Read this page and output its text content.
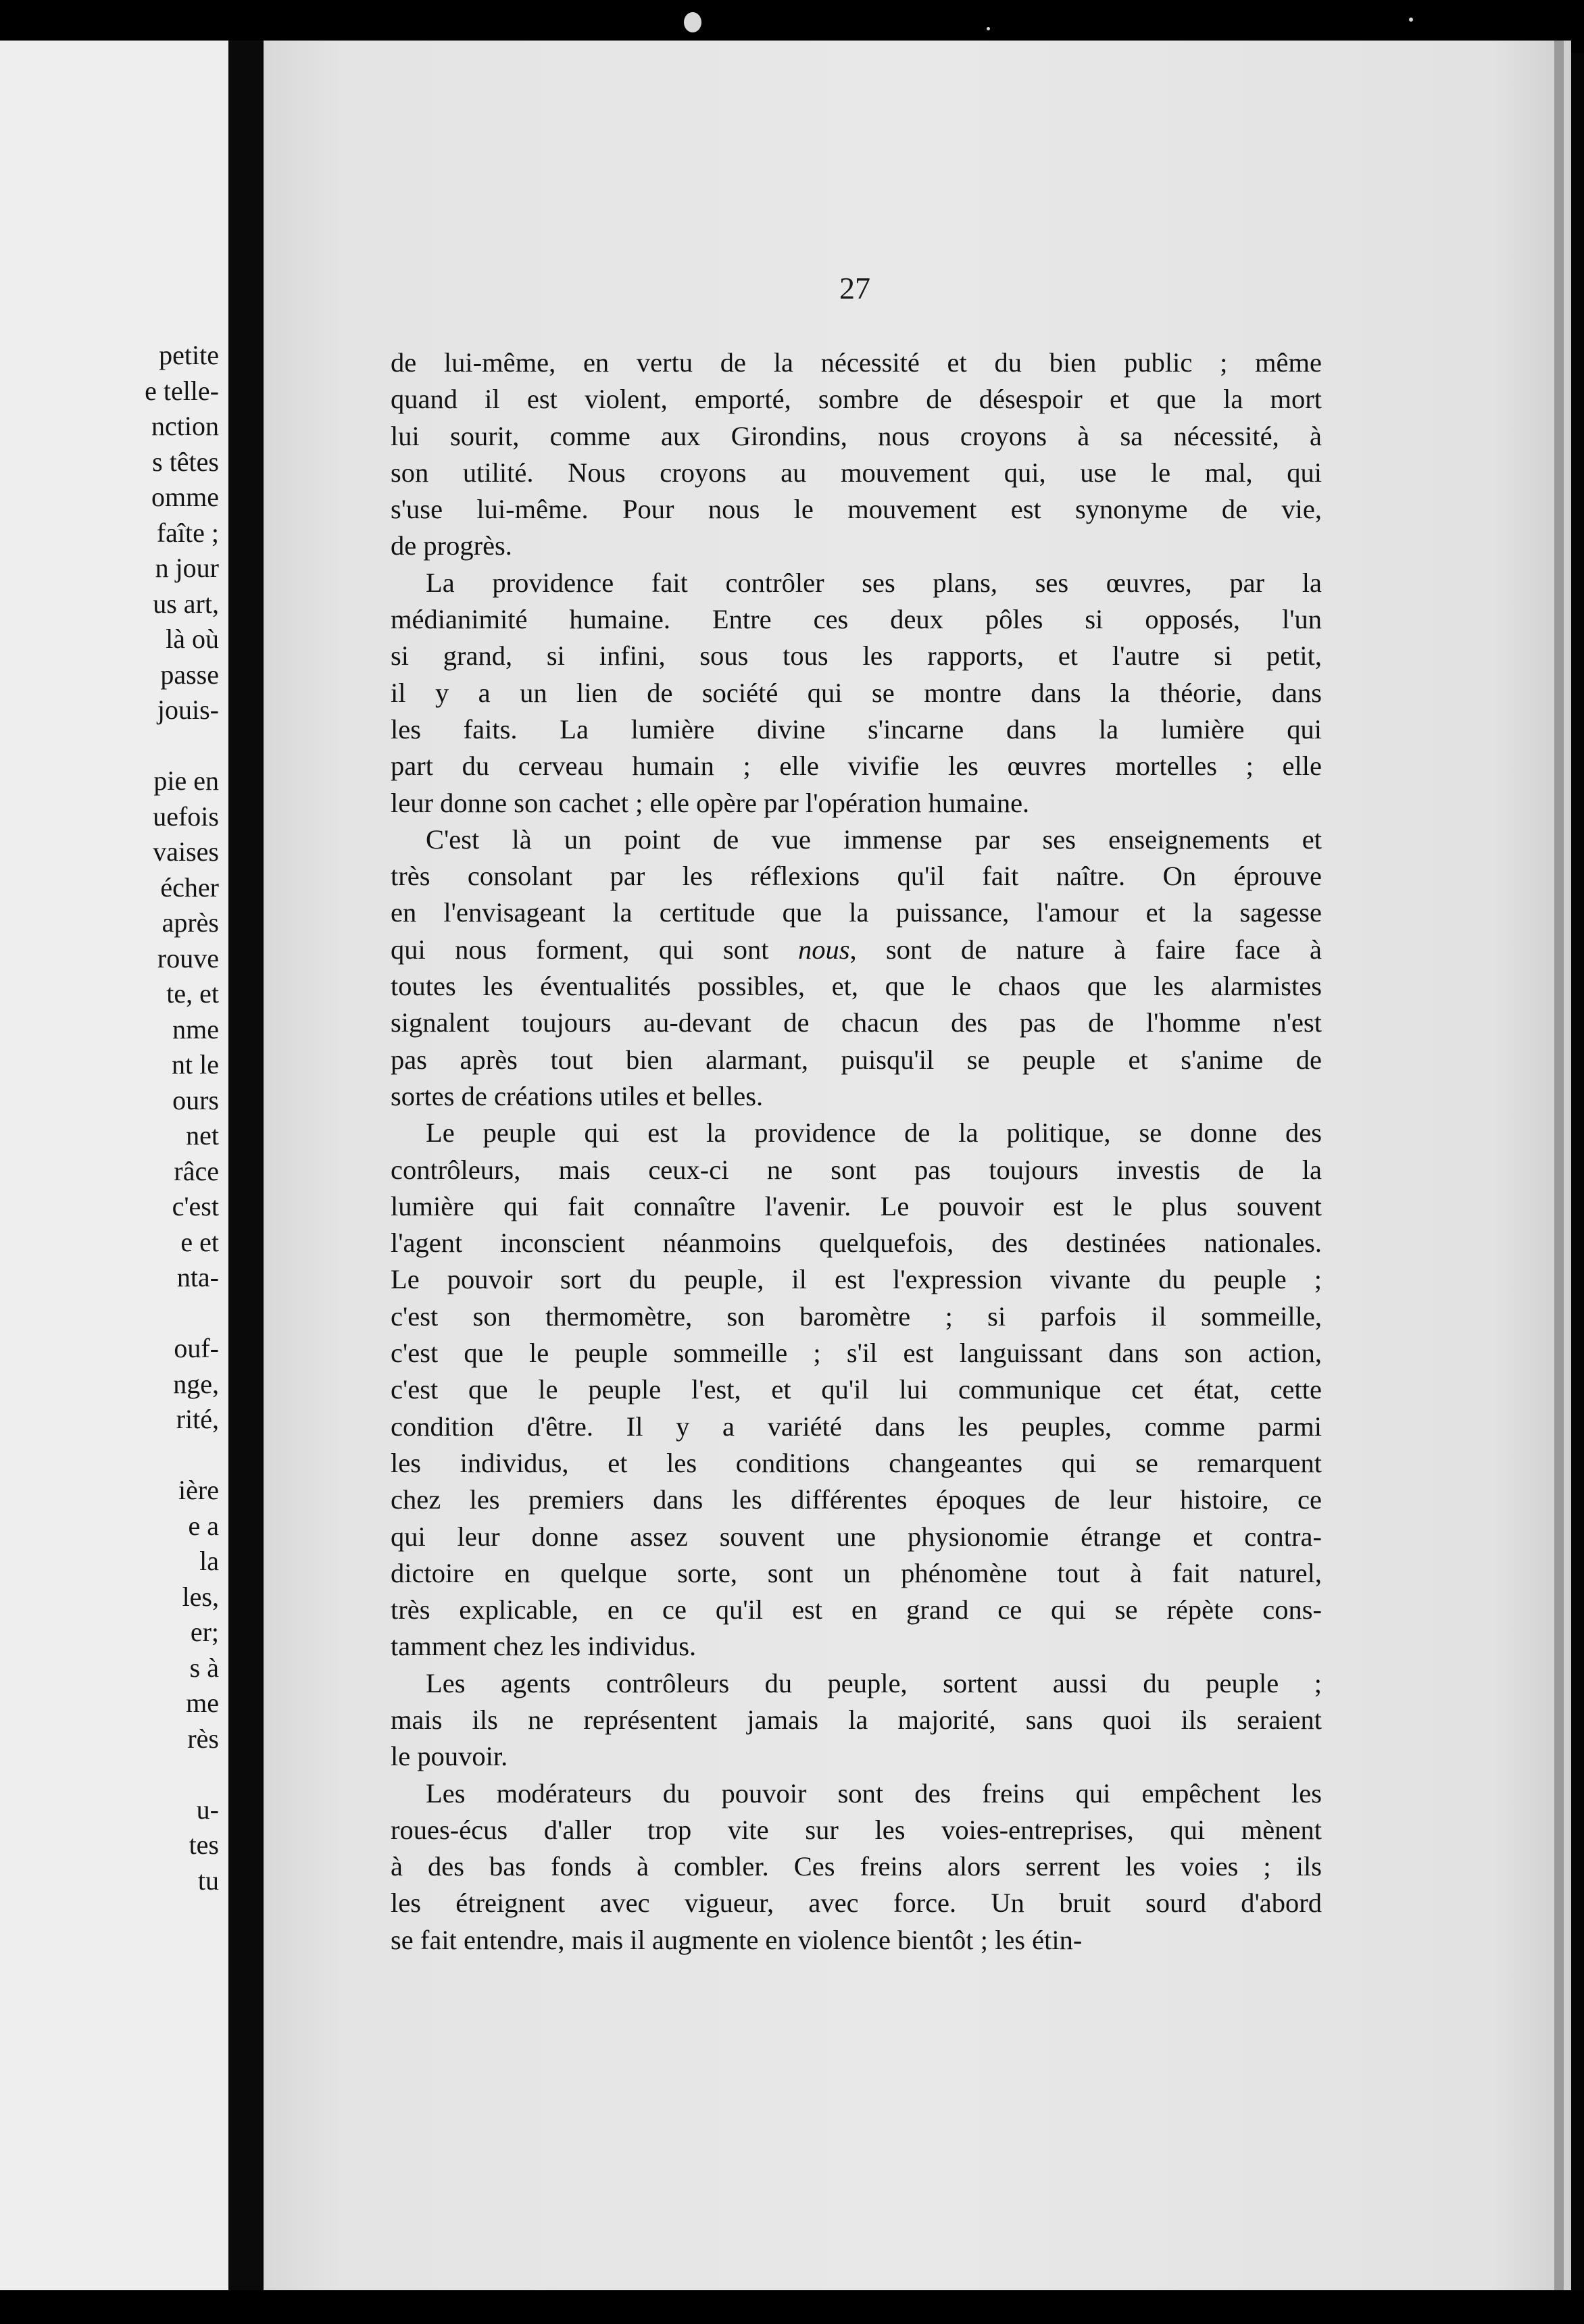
petite
e telle-
nction
s têtes
omme
faîte ;
n jour
us art,
là où
passe
jouis-
pie en
uefois
vaises
écher
après
rouve
te, et
nme
nt le
ours
net
râce
c'est
e et
nta-
ouf-
nge,
rité,
ière
e a
la
les,
er;
s à
me
rès
u-
tes
tu
27
de lui-même, en vertu de la nécessité et du bien public ; même
quand il est violent, emporté, sombre de désespoir et que la mort
lui sourit, comme aux Girondins, nous croyons à sa nécessité, à
son utilité. Nous croyons au mouvement qui, use le mal, qui
s'use lui-même. Pour nous le mouvement est synonyme de vie,
de progrès.
La providence fait contrôler ses plans, ses œuvres, par la
médianimité humaine. Entre ces deux pôles si opposés, l'un
si grand, si infini, sous tous les rapports, et l'autre si petit,
il y a un lien de société qui se montre dans la théorie, dans
les faits. La lumière divine s'incarne dans la lumière qui
part du cerveau humain ; elle vivifie les œuvres mortelles ; elle
leur donne son cachet ; elle opère par l'opération humaine.
C'est là un point de vue immense par ses enseignements et
très consolant par les réflexions qu'il fait naître. On éprouve
en l'envisageant la certitude que la puissance, l'amour et la sagesse
qui nous forment, qui sont nous, sont de nature à faire face à
toutes les éventualités possibles, et, que le chaos que les alarmistes
signalent toujours au-devant de chacun des pas de l'homme n'est
pas après tout bien alarmant, puisqu'il se peuple et s'anime de
sortes de créations utiles et belles.
Le peuple qui est la providence de la politique, se donne des
contrôleurs, mais ceux-ci ne sont pas toujours investis de la
lumière qui fait connaître l'avenir. Le pouvoir est le plus souvent
l'agent inconscient néanmoins quelquefois, des destinées nationales.
Le pouvoir sort du peuple, il est l'expression vivante du peuple ;
c'est son thermomètre, son baromètre ; si parfois il sommeille,
c'est que le peuple sommeille ; s'il est languissant dans son action,
c'est que le peuple l'est, et qu'il lui communique cet état, cette
condition d'être. Il y a variété dans les peuples, comme parmi
les individus, et les conditions changeantes qui se remarquent
chez les premiers dans les différentes époques de leur histoire, ce
qui leur donne assez souvent une physionomie étrange et contra-
dictoire en quelque sorte, sont un phénomène tout à fait naturel,
très explicable, en ce qu'il est en grand ce qui se répète cons-
tamment chez les individus.
Les agents contrôleurs du peuple, sortent aussi du peuple ;
mais ils ne représentent jamais la majorité, sans quoi ils seraient
le pouvoir.
Les modérateurs du pouvoir sont des freins qui empêchent les
roues-écus d'aller trop vite sur les voies-entreprises, qui mènent
à des bas fonds à combler. Ces freins alors serrent les voies ; ils
les étreignent avec vigueur, avec force. Un bruit sourd d'abord
se fait entendre, mais il augmente en violence bientôt ; les étin-
